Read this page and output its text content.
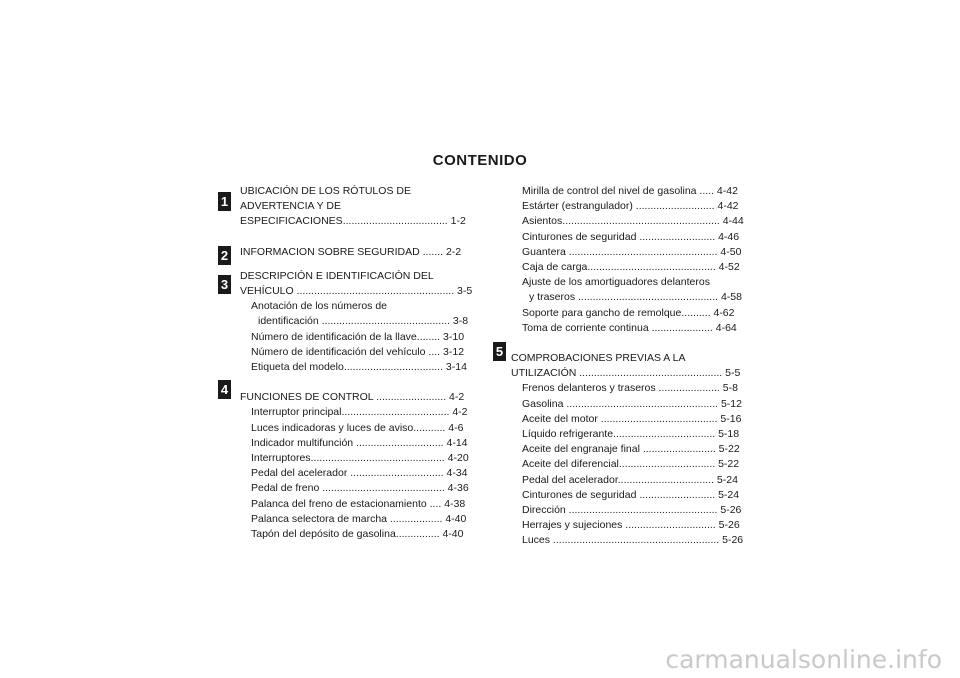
CONTENIDO
1
2
3
4
5
UBICACIÓN DE LOS RÓTULOS DE
ADVERTENCIA Y DE
ESPECIFICACIONES.................................... 1-2
INFORMACION SOBRE SEGURIDAD ....... 2-2
DESCRIPCIÓN E IDENTIFICACIÓN DEL
VEHÍCULO ...................................................... 3-5
Anotación de los números de
identificación ............................................ 3-8
Número de identificación de la llave........ 3-10
Número de identificación del vehículo .... 3-12
Etiqueta del modelo.................................. 3-14
FUNCIONES DE CONTROL ........................ 4-2
Interruptor principal..................................... 4-2
Luces indicadoras y luces de aviso........... 4-6
Indicador multifunción .............................. 4-14
Interruptores.............................................. 4-20
Pedal del acelerador ................................ 4-34
Pedal de freno .......................................... 4-36
Palanca del freno de estacionamiento .... 4-38
Palanca selectora de marcha .................. 4-40
Tapón del depósito de gasolina............... 4-40
Mirilla de control del nivel de gasolina ..... 4-42
Estárter (estrangulador) ........................... 4-42
Asientos...................................................... 4-44
Cinturones de seguridad .......................... 4-46
Guantera ................................................... 4-50
Caja de carga............................................ 4-52
Ajuste de los amortiguadores delanteros
y traseros ................................................ 4-58
Soporte para gancho de remolque.......... 4-62
Toma de corriente continua ..................... 4-64
COMPROBACIONES PREVIAS A LA
UTILIZACIÓN ................................................. 5-5
Frenos delanteros y traseros ..................... 5-8
Gasolina .................................................... 5-12
Aceite del motor ........................................ 5-16
Líquido refrigerante................................... 5-18
Aceite del engranaje final ......................... 5-22
Aceite del diferencial................................. 5-22
Pedal del acelerador................................. 5-24
Cinturones de seguridad .......................... 5-24
Dirección ................................................... 5-26
Herrajes y sujeciones ............................... 5-26
Luces ......................................................... 5-26
carmanualsonline.info
